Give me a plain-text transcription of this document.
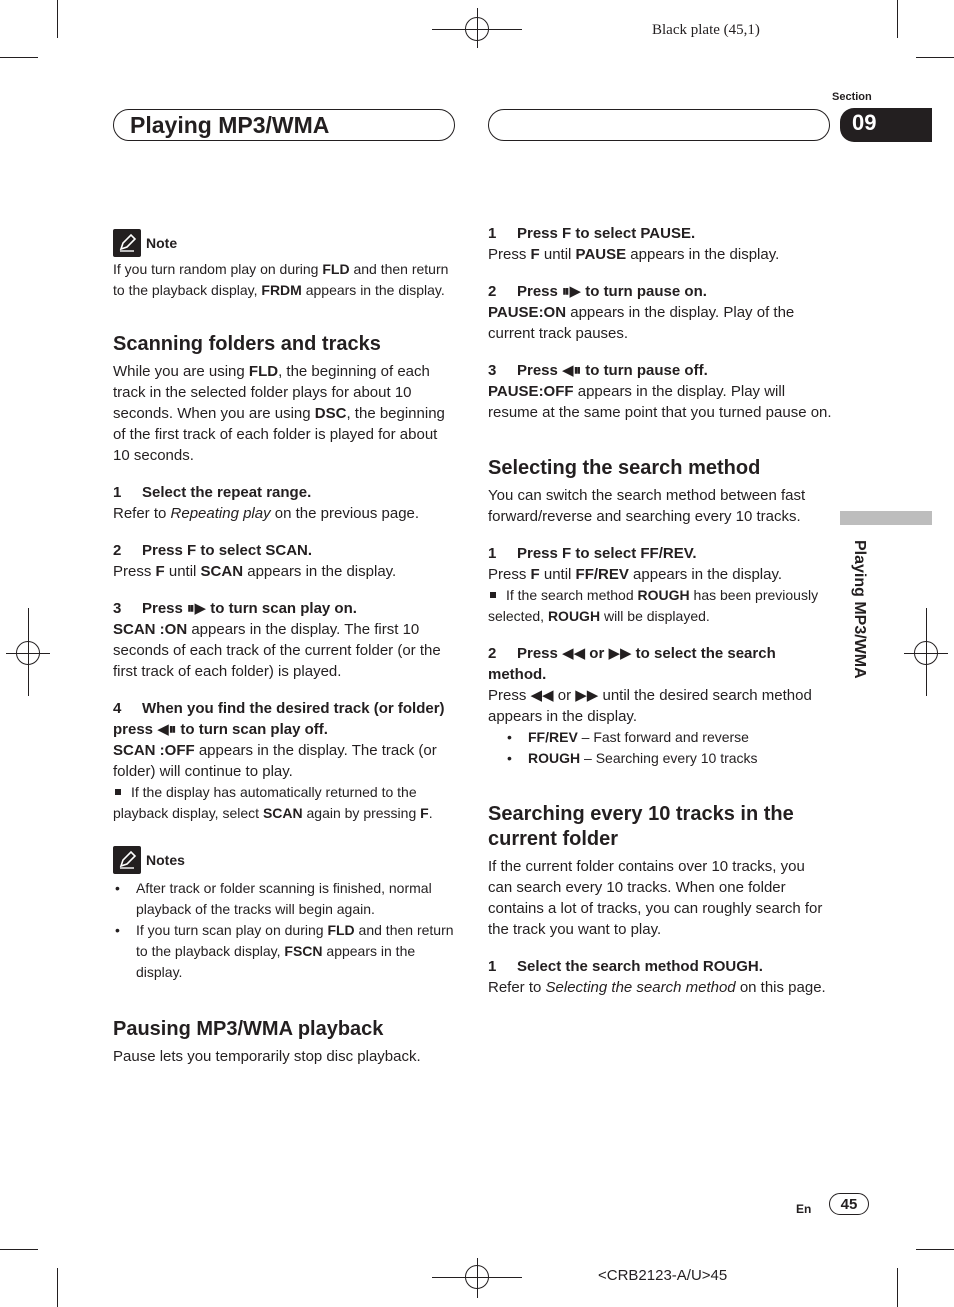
Black plate (45,1)
Section
Playing MP3/WMA	09
Playing MP3/WMA
Note
If you turn random play on during FLD and then return to the playback display, FRDM appears in the display.
Scanning folders and tracks
While you are using FLD, the beginning of each track in the selected folder plays for about 10 seconds. When you are using DSC, the beginning of the first track of each folder is played for about 10 seconds.
1 Select the repeat range.
Refer to Repeating play on the previous page.
2 Press F to select SCAN.
Press F until SCAN appears in the display.
3 Press ⏸▶ to turn scan play on.
SCAN :ON appears in the display. The first 10 seconds of each track of the current folder (or the first track of each folder) is played.
4	When you find the desired track (or folder) press ◀⏸ to turn scan play off.
SCAN :OFF appears in the display. The track (or folder) will continue to play.
If the display has automatically returned to the playback display, select SCAN again by pressing F.
Notes
• After track or folder scanning is finished, normal playback of the tracks will begin again.
• If you turn scan play on during FLD and then return to the playback display, FSCN appears in the display.
Pausing MP3/WMA playback
Pause lets you temporarily stop disc playback.
1 Press F to select PAUSE.
Press F until PAUSE appears in the display.
2 Press ⏸▶ to turn pause on.
PAUSE:ON appears in the display. Play of the current track pauses.
3 Press ◀⏸ to turn pause off.
PAUSE:OFF appears in the display. Play will resume at the same point that you turned pause on.
Selecting the search method
You can switch the search method between fast forward/reverse and searching every 10 tracks.
1 Press F to select FF/REV.
Press F until FF/REV appears in the display.
If the search method ROUGH has been previously selected, ROUGH will be displayed.
2	Press ◀◀ or ▶▶ to select the search method.
Press ◀◀ or ▶▶ until the desired search method appears in the display.
• FF/REV – Fast forward and reverse
• ROUGH – Searching every 10 tracks
Searching every 10 tracks in the current folder
If the current folder contains over 10 tracks, you can search every 10 tracks. When one folder contains a lot of tracks, you can roughly search for the track you want to play.
1 Select the search method ROUGH.
Refer to Selecting the search method on this page.
En	45
<CRB2123-A/U>45
